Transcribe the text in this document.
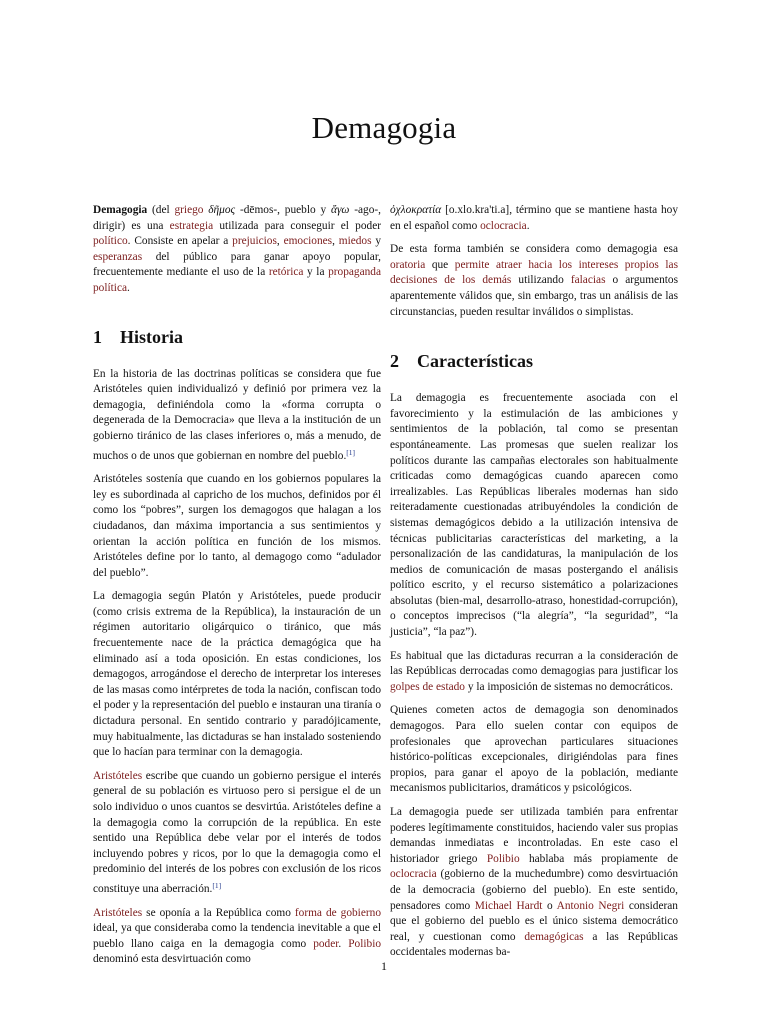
Demagogia

Demagogia (del griego δῆμος -dēmos-, pueblo y ἄγω -ago-, dirigir) es una estrategia utilizada para conseguir el poder político. Consiste en apelar a prejuicios, emociones, miedos y esperanzas del público para ganar apoyo popular, frecuentemente mediante el uso de la retórica y la propaganda política.

1 Historia

En la historia de las doctrinas políticas se considera que fue Aristóteles quien individualizó y definió por primera vez la demagogia, definiéndola como la «forma corrupta o degenerada de la Democracia» que lleva a la institución de un gobierno tiránico de las clases inferiores o, más a menudo, de muchos o de unos que gobiernan en nombre del pueblo.[1]

Aristóteles sostenía que cuando en los gobiernos populares la ley es subordinada al capricho de los muchos, definidos por él como los “pobres”, surgen los demagogos que halagan a los ciudadanos, dan máxima importancia a sus sentimientos y orientan la acción política en función de los mismos. Aristóteles define por lo tanto, al demagogo como “adulador del pueblo”.

La demagogia según Platón y Aristóteles, puede producir (como crisis extrema de la República), la instauración de un régimen autoritario oligárquico o tiránico, que más frecuentemente nace de la práctica demagógica que ha eliminado así a toda oposición. En estas condiciones, los demagogos, arrogándose el derecho de interpretar los intereses de las masas como intérpretes de toda la nación, confiscan todo el poder y la representación del pueblo e instauran una tiranía o dictadura personal. En sentido contrario y paradójicamente, muy habitualmente, las dictaduras se han instalado sosteniendo que lo hacían para terminar con la demagogia.

Aristóteles escribe que cuando un gobierno persigue el interés general de su población es virtuoso pero si persigue el de un solo individuo o unos cuantos se desvirtúa. Aristóteles define a la demagogia como la corrupción de la república. En este sentido una República debe velar por el interés de todos incluyendo pobres y ricos, por lo que la demagogia como el predominio del interés de los pobres con exclusión de los ricos constituye una aberración.[1]

Aristóteles se oponía a la República como forma de gobierno ideal, ya que consideraba como la tendencia inevitable a que el pueblo llano caiga en la demagogia como poder. Polibio denominó esta desvirtuación como

ὀχλοκρατία [o.xlo.kra'ti.a], término que se mantiene hasta hoy en el español como oclocracia.

De esta forma también se considera como demagogia esa oratoria que permite atraer hacia los intereses propios las decisiones de los demás utilizando falacias o argumentos aparentemente válidos que, sin embargo, tras un análisis de las circunstancias, pueden resultar inválidos o simplistas.

2 Características

La demagogia es frecuentemente asociada con el favorecimiento y la estimulación de las ambiciones y sentimientos de la población, tal como se presentan espontáneamente. Las promesas que suelen realizar los políticos durante las campañas electorales son habitualmente criticadas como demagógicas cuando aparecen como irrealizables. Las Repúblicas liberales modernas han sido reiteradamente cuestionadas atribuyéndoles la condición de sistemas demagógicos debido a la utilización intensiva de técnicas publicitarias características del marketing, a la personalización de las candidaturas, la manipulación de los medios de comunicación de masas postergando el análisis político escrito, y el recurso sistemático a polarizaciones absolutas (bien-mal, desarrollo-atraso, honestidad-corrupción), o conceptos imprecisos (“la alegría”, “la seguridad”, “la justicia”, “la paz”).

Es habitual que las dictaduras recurran a la consideración de las Repúblicas derrocadas como demagogias para justificar los golpes de estado y la imposición de sistemas no democráticos.

Quienes cometen actos de demagogia son denominados demagogos. Para ello suelen contar con equipos de profesionales que aprovechan particulares situaciones histórico-políticas excepcionales, dirigiéndolas para fines propios, para ganar el apoyo de la población, mediante mecanismos publicitarios, dramáticos y psicológicos.

La demagogia puede ser utilizada también para enfrentar poderes legítimamente constituidos, haciendo valer sus propias demandas inmediatas e incontroladas. En este caso el historiador griego Polibio hablaba más propiamente de oclocracia (gobierno de la muchedumbre) como desvirtuación de la democracia (gobierno del pueblo). En este sentido, pensadores como Michael Hardt o Antonio Negri consideran que el gobierno del pueblo es el único sistema democrático real, y cuestionan como demagógicas a las Repúblicas occidentales modernas ba-

1
